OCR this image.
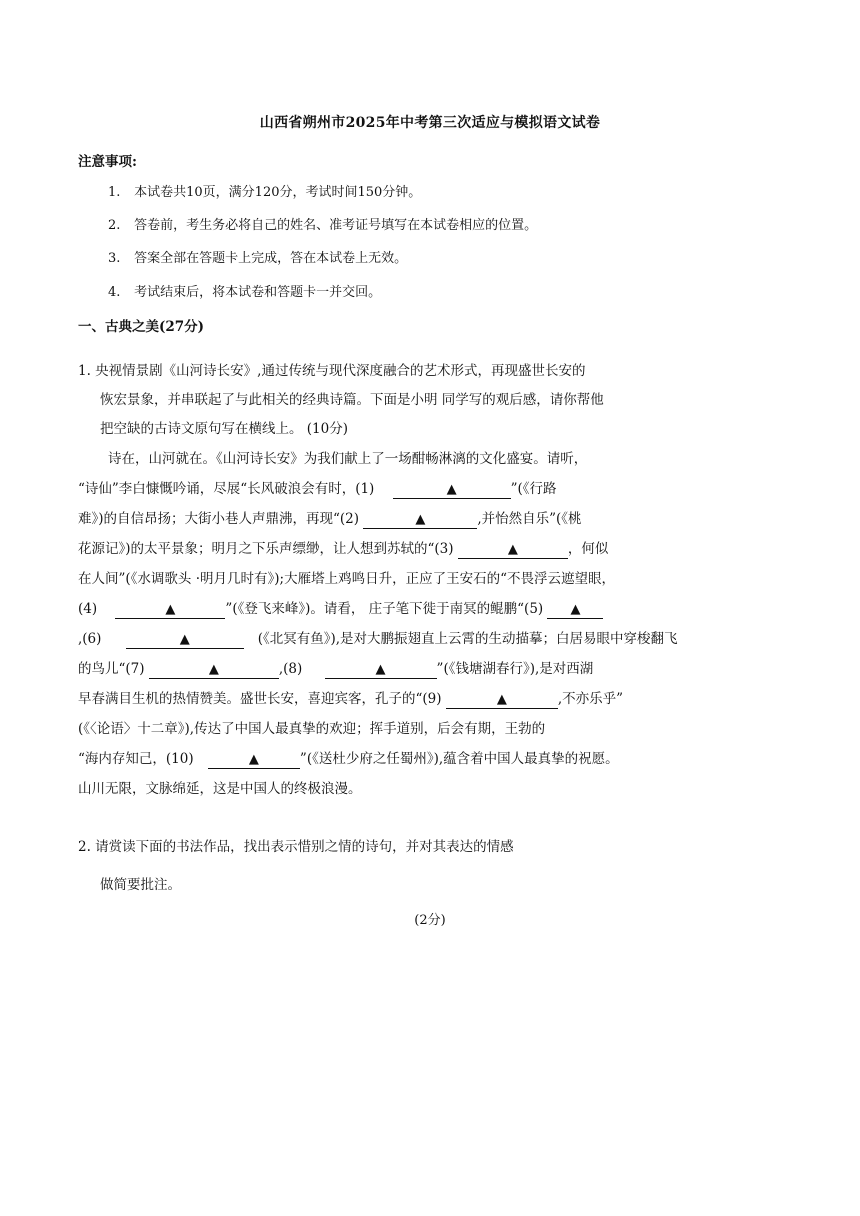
山西省朔州市2025年中考第三次适应与模拟语文试卷
注意事项:
1. 本试卷共10页，满分120分，考试时间150分钟。
2. 答卷前，考生务必将自己的姓名、准考证号填写在本试卷相应的位置。
3. 答案全部在答题卡上完成，答在本试卷上无效。
4. 考试结束后，将本试卷和答题卡一并交回。
一、古典之美(27分)
1. 央视情景剧《山河诗长安》,通过传统与现代深度融合的艺术形式，再现盛世长安的
恢宏景象，并串联起了与此相关的经典诗篇。下面是小明 同学写的观后感，请你帮他
把空缺的古诗文原句写在横线上。 (10分)

诗在，山河就在。《山河诗长安》为我们献上了一场酣畅淋漓的文化盛宴。请听，

“诗仙”李白慷慨吟诵，尽展“长风破浪会有时，(1)	▲	”(《行路

难》)的自信昂扬；大街小巷人声鼎沸，再现“(2)	▲	,并怡然自乐”(《桃

花源记》)的太平景象；明月之下乐声缥缈，让人想到苏轼的“(3)	▲	，何似

在人间”(《水调歌头 ·明月几时有》);大雁塔上鸡鸣日升，正应了王安石的“不畏浮云遮望眼，

(4)	▲	”(《登飞来峰》)。请看， 庄子笔下徙于南冥的鲲鹏“(5) ▲

,(6)	▲	(《北冥有鱼》),是对大鹏振翅直上云霄的生动描摹；白居易眼中穿梭翻飞

的鸟儿“(7)	▲	,(8)	▲	”(《钱塘湖春行》),是对西湖

早春满目生机的热情赞美。盛世长安，喜迎宾客，孔子的“(9)	▲	,不亦乐乎”

(《〈论语〉十二章》),传达了中国人最真挚的欢迎；挥手道别，后会有期，王勃的

“海内存知己，(10)	▲	”(《送杜少府之任蜀州》),蕴含着中国人最真挚的祝愿。

山川无限，文脉绵延，这是中国人的终极浪漫。

2. 请赏读下面的书法作品，找出表示惜别之情的诗句，并对其表达的情感
做简要批注。
(2分)
